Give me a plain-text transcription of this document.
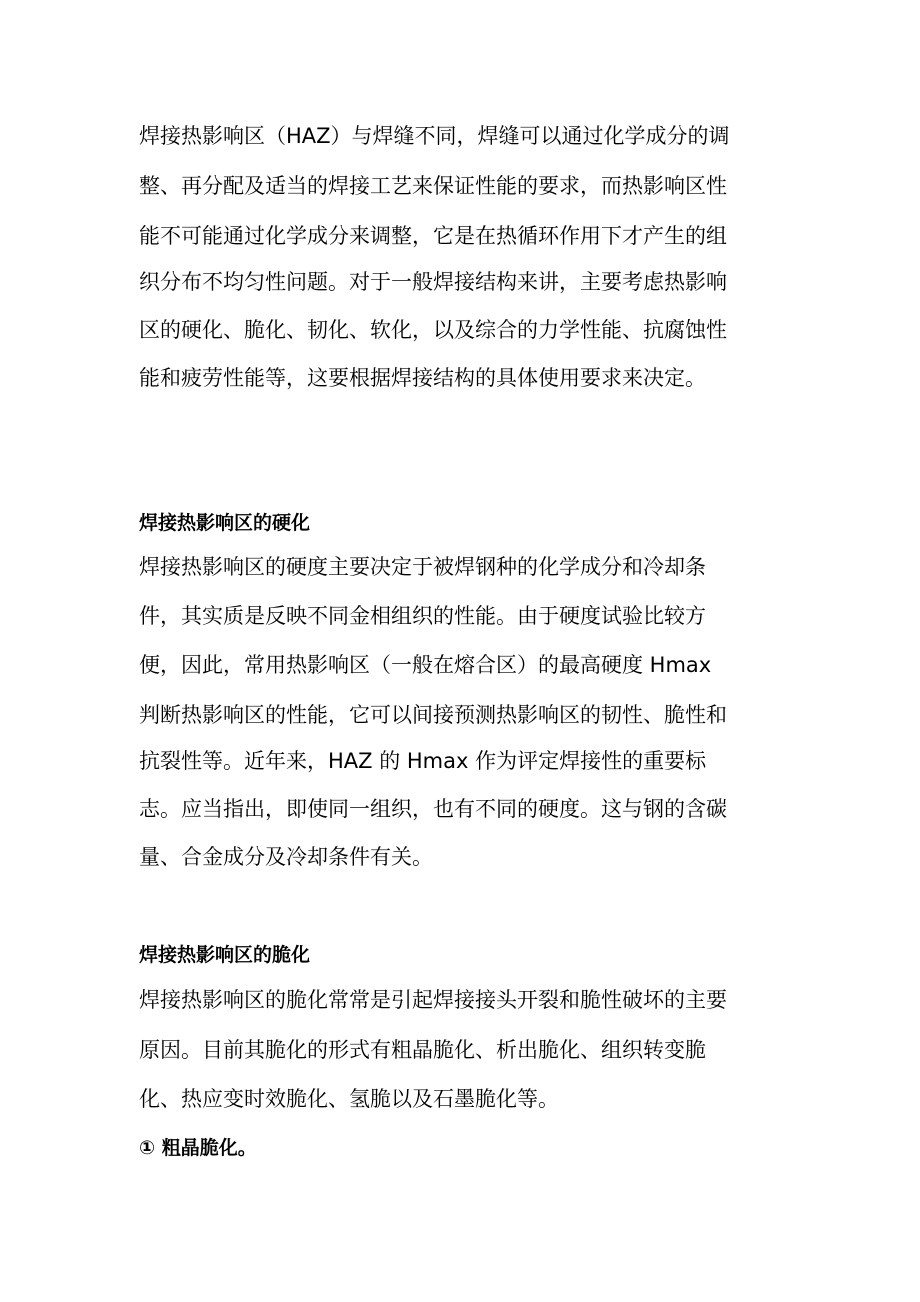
焊接热影响区（HAZ）与焊缝不同，焊缝可以通过化学成分的调
整、再分配及适当的焊接工艺来保证性能的要求，而热影响区性
能不可能通过化学成分来调整，它是在热循环作用下才产生的组
织分布不均匀性问题。对于一般焊接结构来讲，主要考虑热影响
区的硬化、脆化、韧化、软化，以及综合的力学性能、抗腐蚀性
能和疲劳性能等，这要根据焊接结构的具体使用要求来决定。
焊接热影响区的硬化
焊接热影响区的硬度主要决定于被焊钢种的化学成分和冷却条
件，其实质是反映不同金相组织的性能。由于硬度试验比较方
便，因此，常用热影响区（一般在熔合区）的最高硬度 Hmax
判断热影响区的性能，它可以间接预测热影响区的韧性、脆性和
抗裂性等。近年来，HAZ 的 Hmax 作为评定焊接性的重要标
志。应当指出，即使同一组织，也有不同的硬度。这与钢的含碳
量、合金成分及冷却条件有关。
焊接热影响区的脆化
焊接热影响区的脆化常常是引起焊接接头开裂和脆性破坏的主要
原因。目前其脆化的形式有粗晶脆化、析出脆化、组织转变脆
化、热应变时效脆化、氢脆以及石墨脆化等。
① 粗晶脆化。
